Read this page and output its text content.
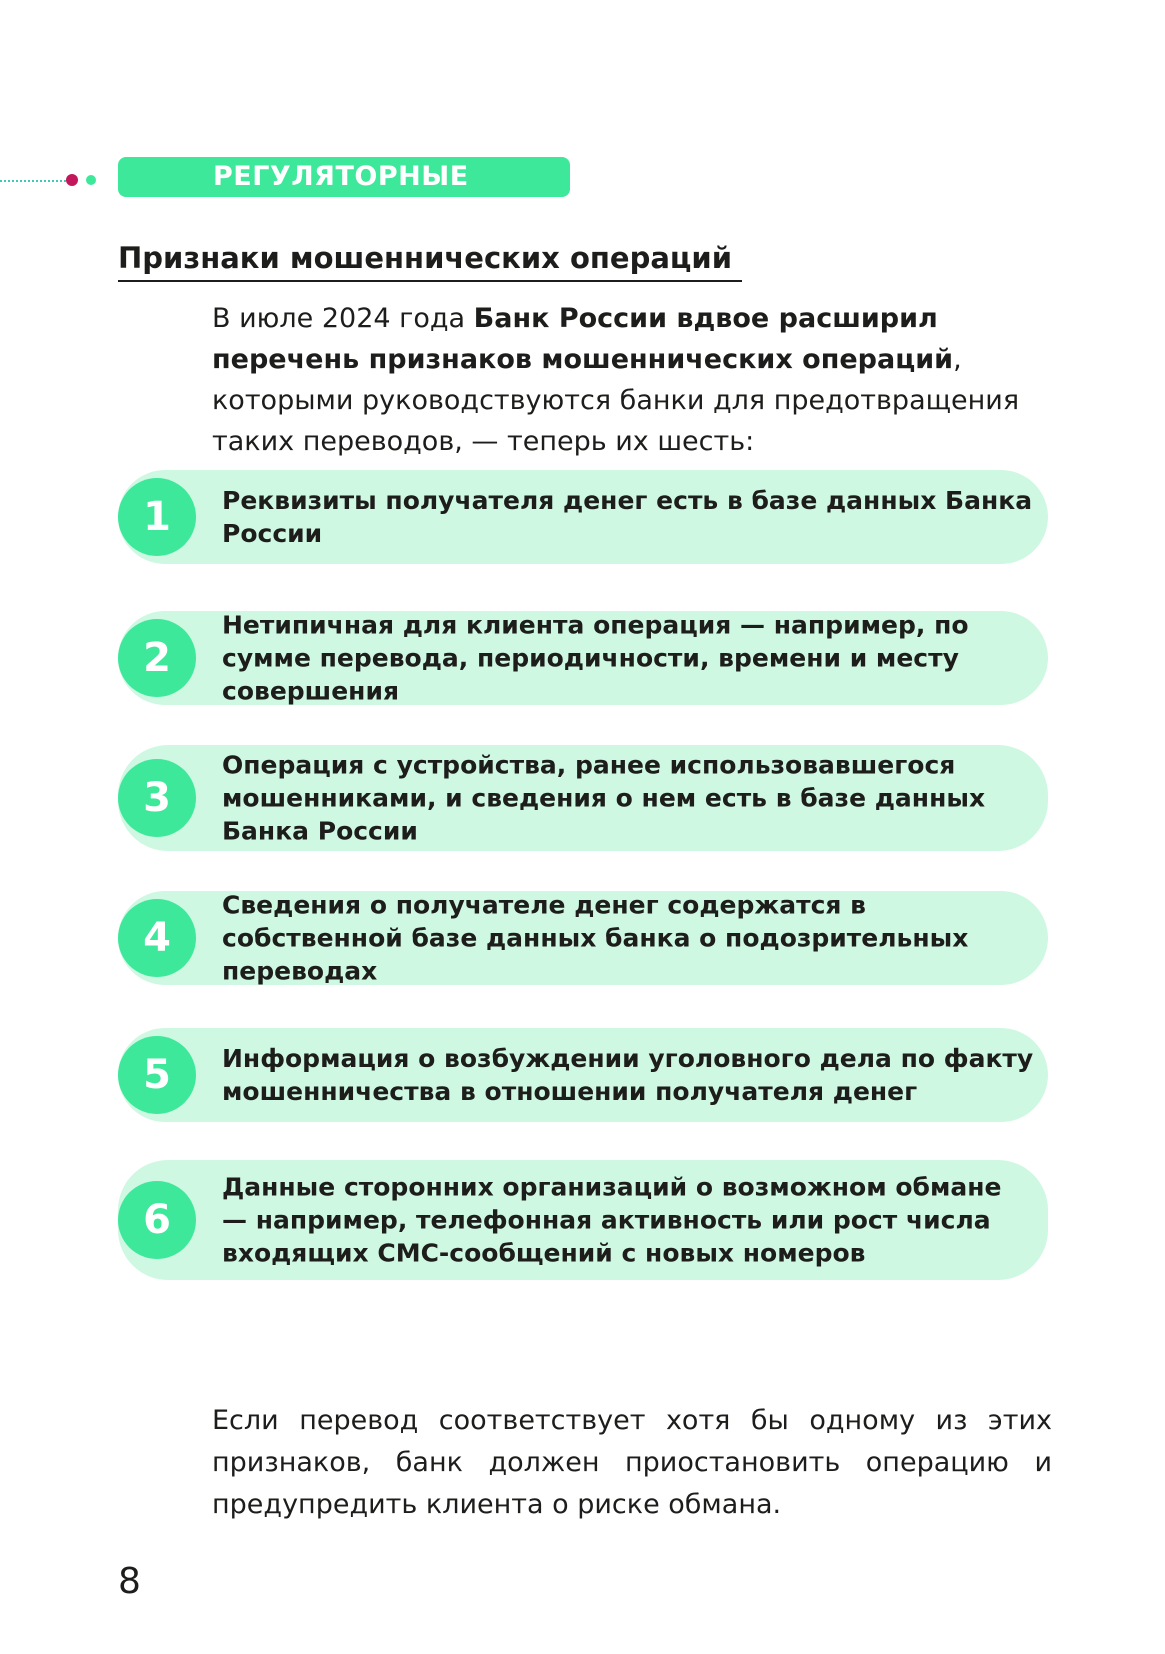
РЕГУЛЯТОРНЫЕ
Признаки мошеннических операций

В июле 2024 года Банк России вдвое расширил перечень признаков мошеннических операций, которыми руководствуются банки для предотвращения таких переводов, — теперь их шесть:

1	Реквизиты получателя денег есть в базе данных Банка России
2
Нетипичная для клиента операция — например, по сумме перевода, периодичности, времени и месту совершения
3
Операция с устройства, ранее использовавшегося мошенниками, и сведения о нем есть в базе данных Банка России
4
Сведения о получателе денег содержатся в собственной базе данных банка о подозрительных переводах
5	Информация о возбуждении уголовного дела по факту мошенничества в отношении получателя денег
6
Данные сторонних организаций о возможном обмане — например, телефонная активность или рост числа входящих СМС-сообщений с новых номеров

Если перевод соответствует хотя бы одному из этих признаков, банк должен приостановить операцию и предупредить клиента о риске обмана.

8
